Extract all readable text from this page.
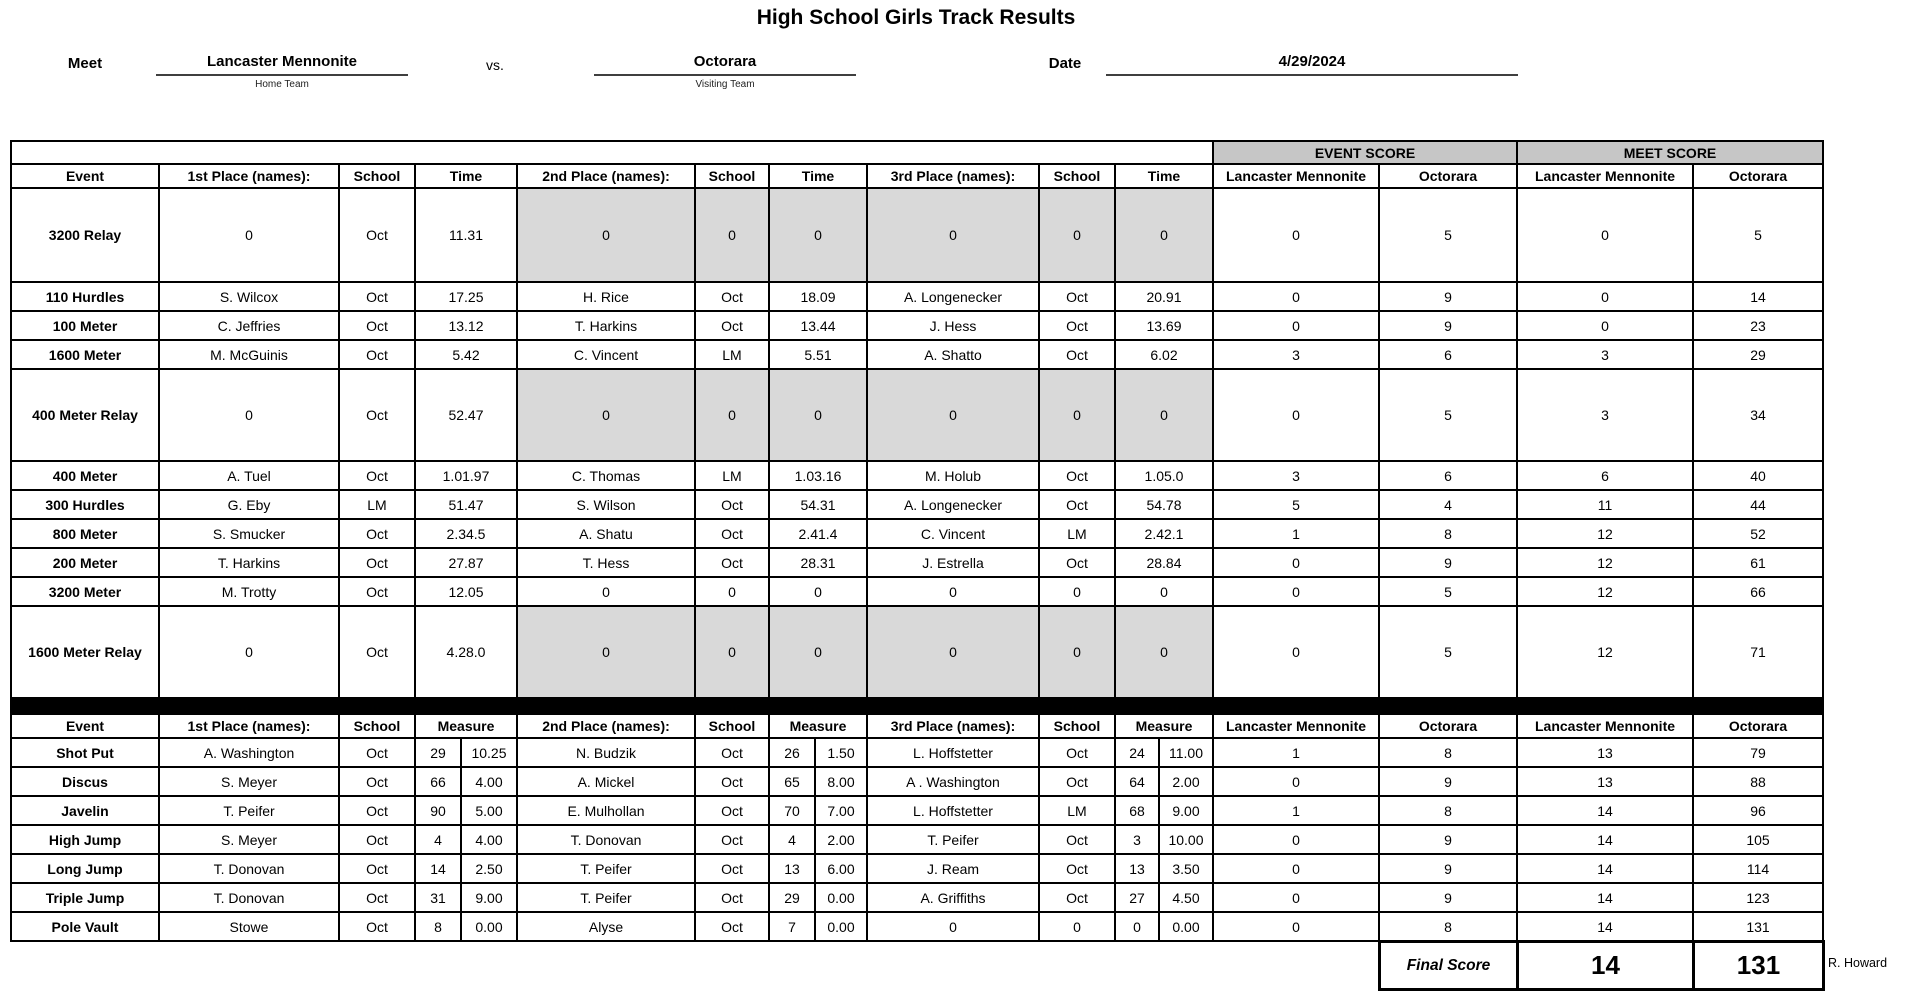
High School Girls Track Results
Meet	Lancaster Mennonite
Home Team
vs.	Octorara
Visiting Team
Date	4/29/2024
													EVENT SCORE		MEET SCORE	
Event	1st Place (names):	School	Time		2nd Place (names):	School	Time		3rd Place (names):	School	Time		Lancaster Mennonite	Octorara	Lancaster Mennonite	Octorara
3200 Relay	0	Oct	11.31		0	0	0		0	0	0		0	5	0	5
110 Hurdles	S. Wilcox	Oct	17.25		H. Rice	Oct	18.09		A. Longenecker	Oct	20.91		0	9	0	14
100 Meter	C. Jeffries	Oct	13.12		T. Harkins	Oct	13.44		J. Hess	Oct	13.69		0	9	0	23
1600 Meter	M. McGuinis	Oct	5.42		C. Vincent	LM	5.51		A. Shatto	Oct	6.02		3	6	3	29
400 Meter Relay	0	Oct	52.47		0	0	0		0	0	0		0	5	3	34
400 Meter	A. Tuel	Oct	1.01.97		C. Thomas	LM	1.03.16		M. Holub	Oct	1.05.0		3	6	6	40
300 Hurdles	G. Eby	LM	51.47		S. Wilson	Oct	54.31		A. Longenecker	Oct	54.78		5	4	11	44
800 Meter	S. Smucker	Oct	2.34.5		A. Shatu	Oct	2.41.4		C. Vincent	LM	2.42.1		1	8	12	52
200 Meter	T. Harkins	Oct	27.87		T. Hess	Oct	28.31		J. Estrella	Oct	28.84		0	9	12	61
3200 Meter	M. Trotty	Oct	12.05		0	0	0		0	0	0		0	5	12	66
1600 Meter Relay	0	Oct	4.28.0		0	0	0		0	0	0		0	5	12	71

Event	1st Place (names):	School	Measure		2nd Place (names):	School	Measure		3rd Place (names):	School	Measure		Lancaster Mennonite	Octorara	Lancaster Mennonite	Octorara
Shot Put	A. Washington	Oct	29	10.25	N. Budzik	Oct	26	1.50	L. Hoffstetter	Oct	24	11.00	1	8	13	79
Discus	S. Meyer	Oct	66	4.00	A. Mickel	Oct	65	8.00	A . Washington	Oct	64	2.00	0	9	13	88
Javelin	T. Peifer	Oct	90	5.00	E. Mulhollan	Oct	70	7.00	L. Hoffstetter	LM	68	9.00	1	8	14	96
High Jump	S. Meyer	Oct	4	4.00	T. Donovan	Oct	4	2.00	T. Peifer	Oct	3	10.00	0	9	14	105
Long Jump	T. Donovan	Oct	14	2.50	T. Peifer	Oct	13	6.00	J. Ream	Oct	13	3.50	0	9	14	114
Triple Jump	T. Donovan	Oct	31	9.00	T. Peifer	Oct	29	0.00	A. Griffiths	Oct	27	4.50	0	9	14	123
Pole Vault	Stowe	Oct	8	0.00	Alyse	Oct	7	0.00	0	0	0	0.00	0	8	14	131
Final Score	14	131	R. Howard
